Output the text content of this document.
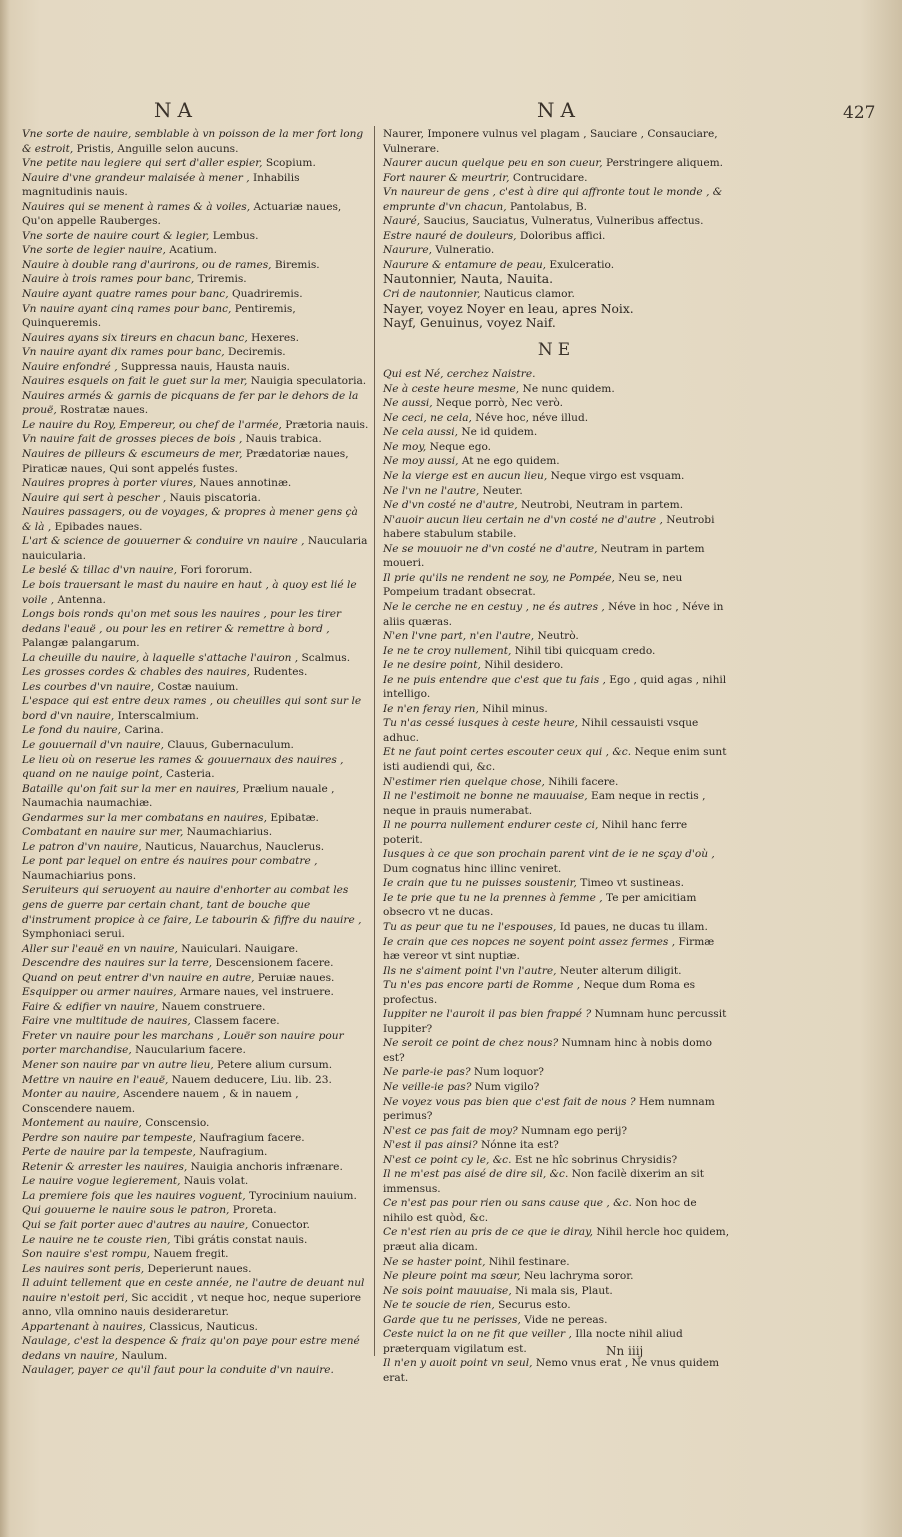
NA	NA	427
Vne sorte de nauire, semblable à vn poisson de la mer fort long & estroit, Pristis, Anguille selon aucuns.
Vne petite nau legiere qui sert d'aller espier, Scopium.
Nauire d'vne grandeur malaisée à mener , Inhabilis magnitudinis nauis.
Nauires qui se menent à rames & à voiles, Actuariæ naues, Qu'on appelle Rauberges.
Vne sorte de nauire court & legier, Lembus.
Vne sorte de legier nauire, Acatium.
Nauire à double rang d'aurirons, ou de rames, Biremis.
Nauire à trois rames pour banc, Triremis.
Nauire ayant quatre rames pour banc, Quadriremis.
Vn nauire ayant cinq rames pour banc, Pentiremis, Quinqueremis.
Nauires ayans six tireurs en chacun banc, Hexeres.
Vn nauire ayant dix rames pour banc, Deciremis.
Nauire enfondré , Suppressa nauis, Hausta nauis.
Nauires esquels on fait le guet sur la mer, Nauigia speculatoria.
Nauires armés & garnis de picquans de fer par le dehors de la prouë, Rostratæ naues.
Le nauire du Roy, Empereur, ou chef de l'armée, Prætoria nauis.
Vn nauire fait de grosses pieces de bois , Nauis trabica.
Nauires de pilleurs & escumeurs de mer, Prædatoriæ naues, Piraticæ naues, Qui sont appelés fustes.
Nauires propres à porter viures, Naues annotinæ.
Nauire qui sert à pescher , Nauis piscatoria.
Nauires passagers, ou de voyages, & propres à mener gens çà & là , Epibades naues.
L'art & science de gouuerner & conduire vn nauire , Naucularia nauicularia.
Le beslé & tillac d'vn nauire, Fori fororum.
Le bois trauersant le mast du nauire en haut , à quoy est lié le voile , Antenna.
Longs bois ronds qu'on met sous les nauires , pour les tirer dedans l'eauë , ou pour les en retirer & remettre à bord , Palangæ palangarum.
La cheuille du nauire, à laquelle s'attache l'auiron , Scalmus.
Les grosses cordes & chables des nauires, Rudentes.
Les courbes d'vn nauire, Costæ nauium.
L'espace qui est entre deux rames , ou cheuilles qui sont sur le bord d'vn nauire, Interscalmium.
Le fond du nauire, Carina.
Le gouuernail d'vn nauire, Clauus, Gubernaculum.
Le lieu où on reserue les rames & gouuernaux des nauires , quand on ne nauige point, Casteria.
Bataille qu'on fait sur la mer en nauires, Prælium nauale , Naumachia naumachiæ.
Gendarmes sur la mer combatans en nauires, Epibatæ.
Combatant en nauire sur mer, Naumachiarius.
Le patron d'vn nauire, Nauticus, Nauarchus, Nauclerus.
Le pont par lequel on entre és nauires pour combatre , Naumachiarius pons.
Seruiteurs qui seruoyent au nauire d'enhorter au combat les gens de guerre par certain chant, tant de bouche que d'instrument propice à ce faire, Le tabourin & fiffre du nauire , Symphoniaci serui.
Aller sur l'eauë en vn nauire, Nauiculari. Nauigare.
Descendre des nauires sur la terre, Descensionem facere.
Quand on peut entrer d'vn nauire en autre, Peruiæ naues.
Esquipper ou armer nauires, Armare naues, vel instruere.
Faire & edifier vn nauire, Nauem construere.
Faire vne multitude de nauires, Classem facere.
Freter vn nauire pour les marchans , Louër son nauire pour porter marchandise, Naucularium facere.
Mener son nauire par vn autre lieu, Petere alium cursum.
Mettre vn nauire en l'eauë, Nauem deducere, Liu. lib. 23.
Monter au nauire, Ascendere nauem , & in nauem , Conscendere nauem.
Montement au nauire, Conscensio.
Perdre son nauire par tempeste, Naufragium facere.
Perte de nauire par la tempeste, Naufragium.
Retenir & arrester les nauires, Nauigia anchoris infrænare.
Le nauire vogue legierement, Nauis volat.
La premiere fois que les nauires voguent, Tyrocinium nauium.
Qui gouuerne le nauire sous le patron, Proreta.
Qui se fait porter auec d'autres au nauire, Conuector.
Le nauire ne te couste rien, Tibi grátis constat nauis.
Son nauire s'est rompu, Nauem fregit.
Les nauires sont peris, Deperierunt naues.
Il aduint tellement que en ceste année, ne l'autre de deuant nul nauire n'estoit peri, Sic accidit , vt neque hoc, neque superiore anno, vlla omnino nauis desideraretur.
Appartenant à nauires, Classicus, Nauticus.
Naulage, c'est la despence & fraiz qu'on paye pour estre mené dedans vn nauire, Naulum.
Naulager, payer ce qu'il faut pour la conduite d'vn nauire.
Naurer, Imponere vulnus vel plagam , Sauciare , Consauciare, Vulnerare.
Naurer aucun quelque peu en son cueur, Perstringere aliquem.
Fort naurer & meurtrir, Contrucidare.
Vn naureur de gens , c'est à dire qui affronte tout le monde , & emprunte d'vn chacun, Pantolabus, B.
Nauré, Saucius, Sauciatus, Vulneratus, Vulneribus affectus.
Estre nauré de douleurs, Doloribus affici.
Naurure, Vulneratio.
Naurure & entamure de peau, Exulceratio.
Nautonnier, Nauta, Nauita.
Cri de nautonnier, Nauticus clamor.
Nayer, voyez Noyer en leau, apres Noix.
Nayf, Genuinus, voyez Naif.
NE
Qui est Né, cerchez Naistre.
Ne à ceste heure mesme, Ne nunc quidem.
Ne aussi, Neque porrò, Nec verò.
Ne ceci, ne cela, Néve hoc, néve illud.
Ne cela aussi, Ne id quidem.
Ne moy, Neque ego.
Ne moy aussi, At ne ego quidem.
Ne la vierge est en aucun lieu, Neque virgo est vsquam.
Ne l'vn ne l'autre, Neuter.
Ne d'vn costé ne d'autre, Neutrobi, Neutram in partem.
N'auoir aucun lieu certain ne d'vn costé ne d'autre , Neutrobi habere stabulum stabile.
Ne se mouuoir ne d'vn costé ne d'autre, Neutram in partem moueri.
Il prie qu'ils ne rendent ne soy, ne Pompée, Neu se, neu Pompeium tradant obsecrat.
Ne le cerche ne en cestuy , ne és autres , Néve in hoc , Néve in aliis quæras.
N'en l'vne part, n'en l'autre, Neutrò.
Ie ne te croy nullement, Nihil tibi quicquam credo.
Ie ne desire point, Nihil desidero.
Ie ne puis entendre que c'est que tu fais , Ego , quid agas , nihil intelligo.
Ie n'en feray rien, Nihil minus.
Tu n'as cessé iusques à ceste heure, Nihil cessauisti vsque adhuc.
Et ne faut point certes escouter ceux qui , &c. Neque enim sunt isti audiendi qui, &c.
N'estimer rien quelque chose, Nihili facere.
Il ne l'estimoit ne bonne ne mauuaise, Eam neque in rectis , neque in prauis numerabat.
Il ne pourra nullement endurer ceste ci, Nihil hanc ferre poterit.
Iusques à ce que son prochain parent vint de ie ne sçay d'où , Dum cognatus hinc illinc veniret.
Ie crain que tu ne puisses soustenir, Timeo vt sustineas.
Ie te prie que tu ne la prennes à femme , Te per amicitiam obsecro vt ne ducas.
Tu as peur que tu ne l'espouses, Id paues, ne ducas tu illam.
Ie crain que ces nopces ne soyent point assez fermes , Firmæ hæ vereor vt sint nuptiæ.
Ils ne s'aiment point l'vn l'autre, Neuter alterum diligit.
Tu n'es pas encore parti de Romme , Neque dum Roma es profectus.
Iuppiter ne l'auroit il pas bien frappé ? Numnam hunc percussit Iuppiter?
Ne seroit ce point de chez nous? Numnam hinc à nobis domo est?
Ne parle-ie pas? Num loquor?
Ne veille-ie pas? Num vigilo?
Ne voyez vous pas bien que c'est fait de nous ? Hem numnam perimus?
N'est ce pas fait de moy? Numnam ego perij?
N'est il pas ainsi? Nónne ita est?
N'est ce point cy le, &c. Est ne hîc sobrinus Chrysidis?
Il ne m'est pas aisé de dire sil, &c. Non facilè dixerim an sit immensus.
Ce n'est pas pour rien ou sans cause que , &c. Non hoc de nihilo est quòd, &c.
Ce n'est rien au pris de ce que ie diray, Nihil hercle hoc quidem, præut alia dicam.
Ne se haster point, Nihil festinare.
Ne pleure point ma sœur, Neu lachryma soror.
Ne sois point mauuaise, Ni mala sis, Plaut.
Ne te soucie de rien, Securus esto.
Garde que tu ne perisses, Vide ne pereas.
Ceste nuict la on ne fit que veiller , Illa nocte nihil aliud præterquam vigilatum est.
Il n'en y auoit point vn seul, Nemo vnus erat , Ne vnus quidem erat.
Nn iiij
